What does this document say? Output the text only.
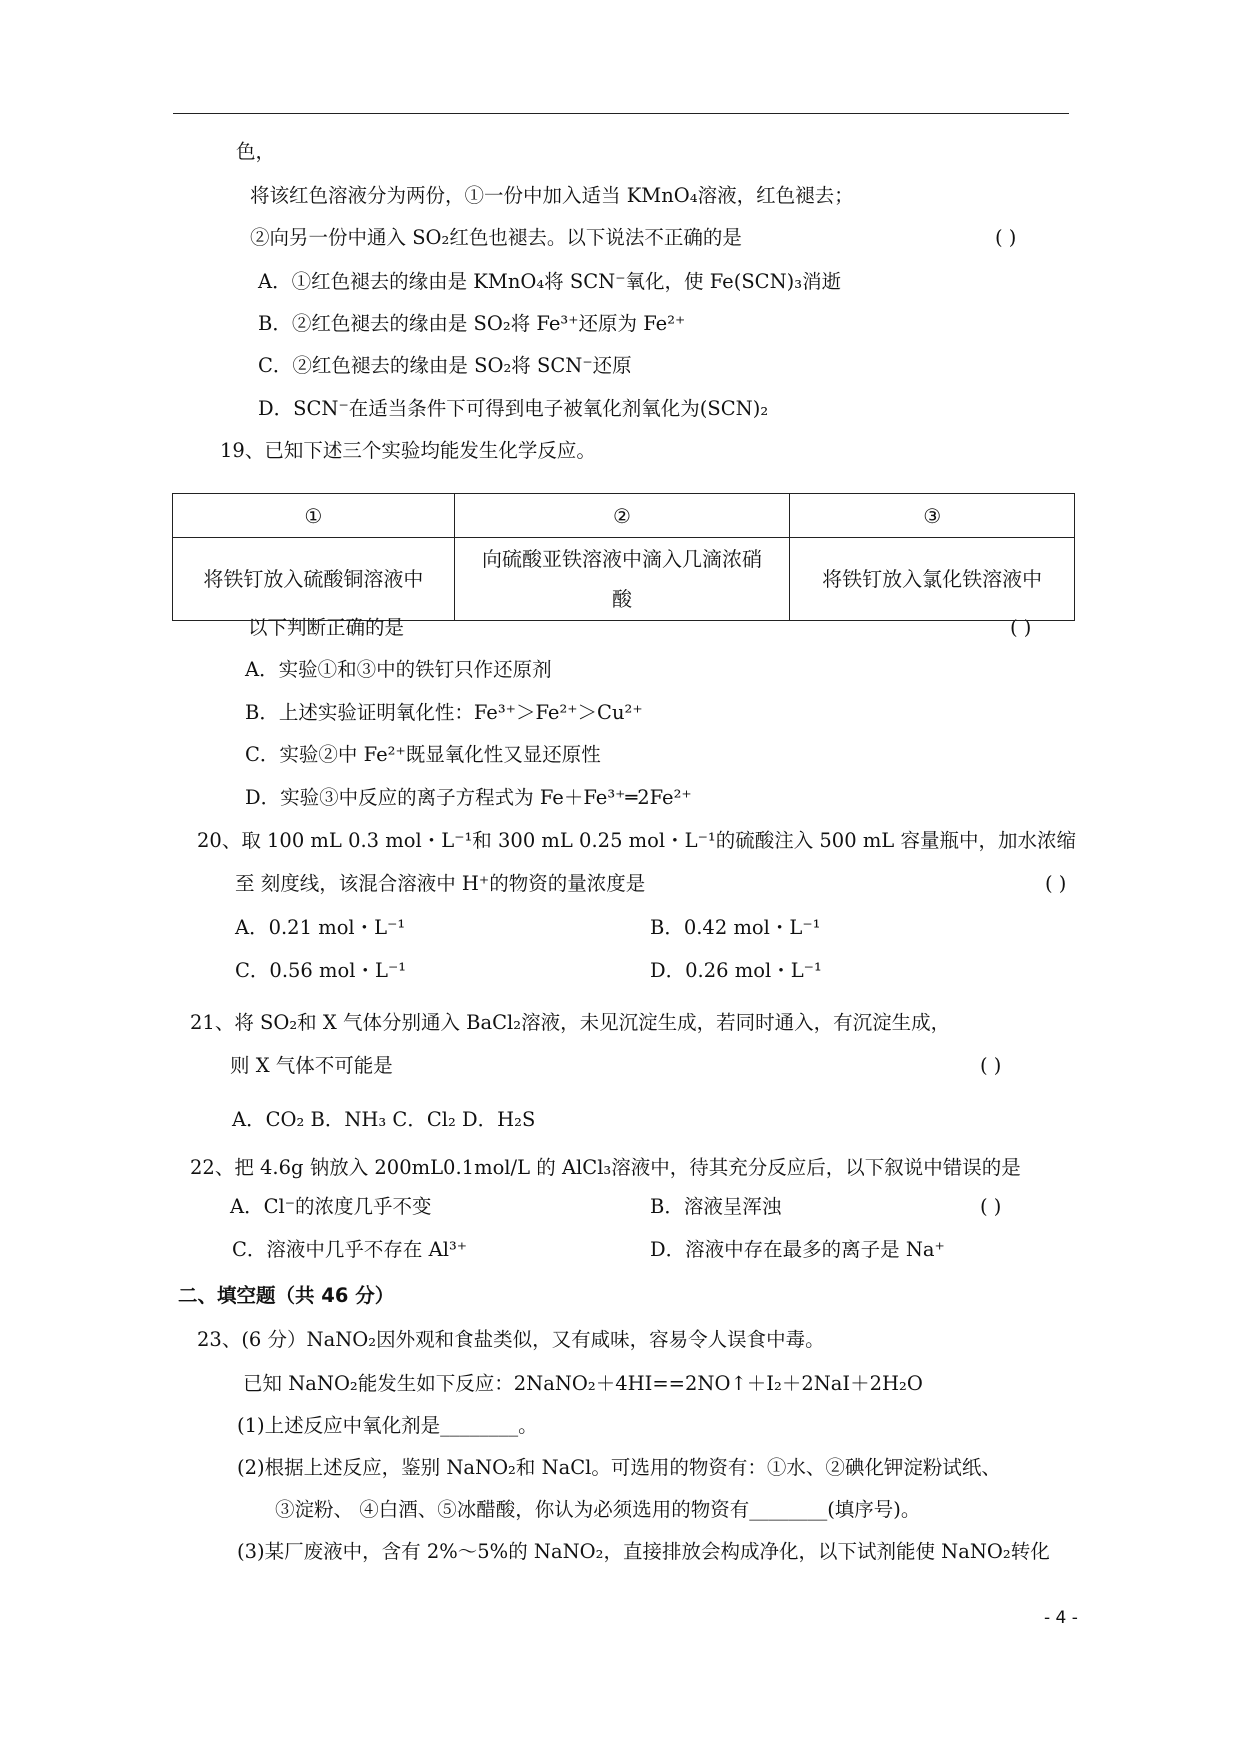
色，
将该红色溶液分为两份，①一份中加入适当 KMnO₄溶液，红色褪去；
②向另一份中通入 SO₂红色也褪去。以下说法不正确的是
A．①红色褪去的缘由是 KMnO₄将 SCN⁻氧化，使 Fe(SCN)₃消逝
B．②红色褪去的缘由是 SO₂将 Fe³⁺还原为 Fe²⁺
C．②红色褪去的缘由是 SO₂将 SCN⁻还原
D．SCN⁻在适当条件下可得到电子被氧化剂氧化为(SCN)₂
19、已知下述三个实验均能发生化学反应。
以下判断正确的是
A．实验①和③中的铁钉只作还原剂
B．上述实验证明氧化性：Fe³⁺＞Fe²⁺＞Cu²⁺
C．实验②中 Fe²⁺既显氧化性又显还原性
D．实验③中反应的离子方程式为 Fe＋Fe³⁺═2Fe²⁺
20、取 100 mL 0.3 mol・L⁻¹和 300 mL 0.25 mol・L⁻¹的硫酸注入 500 mL 容量瓶中，加水浓缩
至 刻度线，该混合溶液中 H⁺的物资的量浓度是
A．0.21 mol・L⁻¹	B．0.42 mol・L⁻¹
C．0.56 mol・L⁻¹	D．0.26 mol・L⁻¹
21、将 SO₂和 X 气体分别通入 BaCl₂溶液，未见沉淀生成，若同时通入，有沉淀生成，
则 X 气体不可能是
A．CO₂ B．NH₃ C．Cl₂ D．H₂S
22、把 4.6g 钠放入 200mL0.1mol/L 的 AlCl₃溶液中，待其充分反应后，以下叙说中错误的是
A．Cl⁻的浓度几乎不变	B．溶液呈浑浊
C．溶液中几乎不存在 Al³⁺	D．溶液中存在最多的离子是 Na⁺
二、填空题（共 46 分）
23、(6 分）NaNO₂因外观和食盐类似，又有咸味，容易令人误食中毒。
已知 NaNO₂能发生如下反应：2NaNO₂＋4HI==2NO↑＋I₂＋2NaI＋2H₂O
(1)上述反应中氧化剂是________。
(2)根据上述反应，鉴别 NaNO₂和 NaCl。可选用的物资有：①水、②碘化钾淀粉试纸、
③淀粉、 ④白酒、⑤冰醋酸，你认为必须选用的物资有________(填序号)。
(3)某厂废液中，含有 2%～5%的 NaNO₂，直接排放会构成净化，以下试剂能使 NaNO₂转化
( )
( )
( )
( )
( )
①	②	③
将铁钉放入硫酸铜溶液中	向硫酸亚铁溶液中滴入几滴浓硝酸	将铁钉放入氯化铁溶液中
- 4 -
